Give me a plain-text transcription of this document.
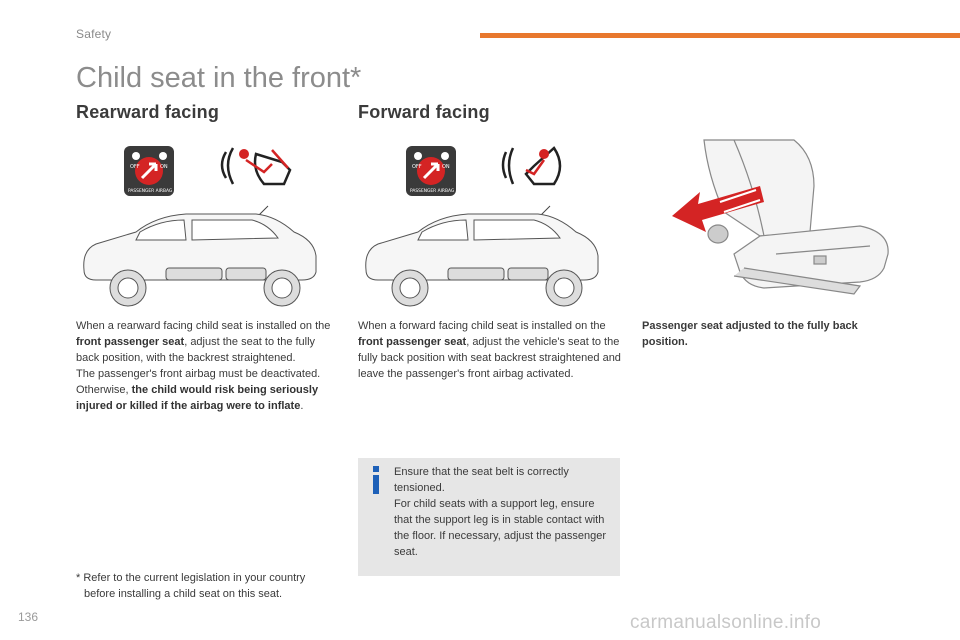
Safety
Child seat in the front*
Rearward facing	Forward facing
OFF	ON
PASSENGER AIRBAG
OFF	ON
PASSENGER AIRBAG
When a rearward facing child seat is installed on the front passenger seat, adjust the seat to the fully back position, with the backrest straightened.
The passenger's front airbag must be deactivated. Otherwise, the child would risk being seriously injured or killed if the airbag were to inflate.
When a forward facing child seat is installed on the front passenger seat, adjust the vehicle's seat to the fully back position with seat backrest straightened and leave the passenger's front airbag activated.
Passenger seat adjusted to the fully back position.
Ensure that the seat belt is correctly tensioned.
For child seats with a support leg, ensure that the support leg is in stable contact with the floor. If necessary, adjust the passenger seat.
* Refer to the current legislation in your country
before installing a child seat on this seat.
136	carmanualsonline.info
